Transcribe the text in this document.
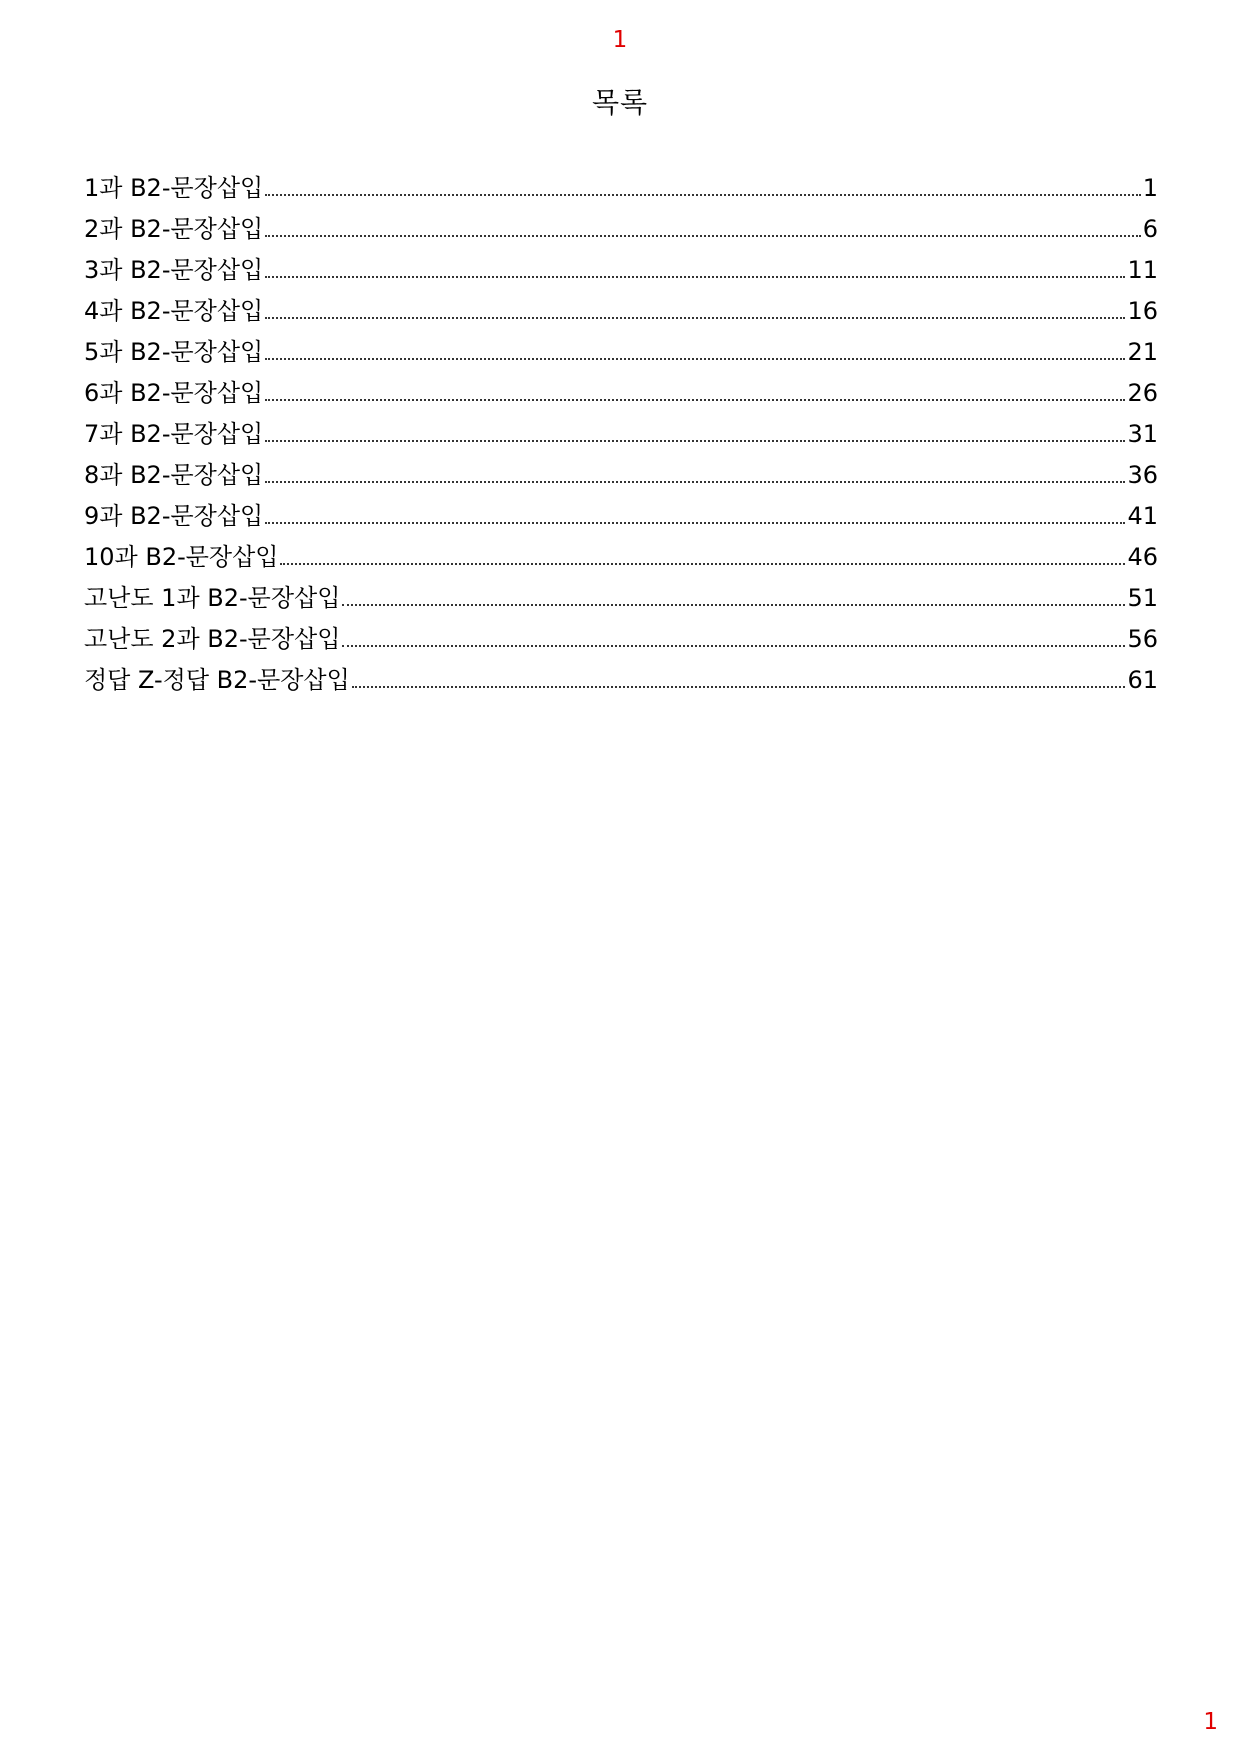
1
목록
1과 B2-문장삽입	1
2과 B2-문장삽입	6
3과 B2-문장삽입	11
4과 B2-문장삽입	16
5과 B2-문장삽입	21
6과 B2-문장삽입	26
7과 B2-문장삽입	31
8과 B2-문장삽입	36
9과 B2-문장삽입	41
10과 B2-문장삽입	46
고난도 1과 B2-문장삽입	51
고난도 2과 B2-문장삽입	56
정답 Z-정답 B2-문장삽입	61
1
